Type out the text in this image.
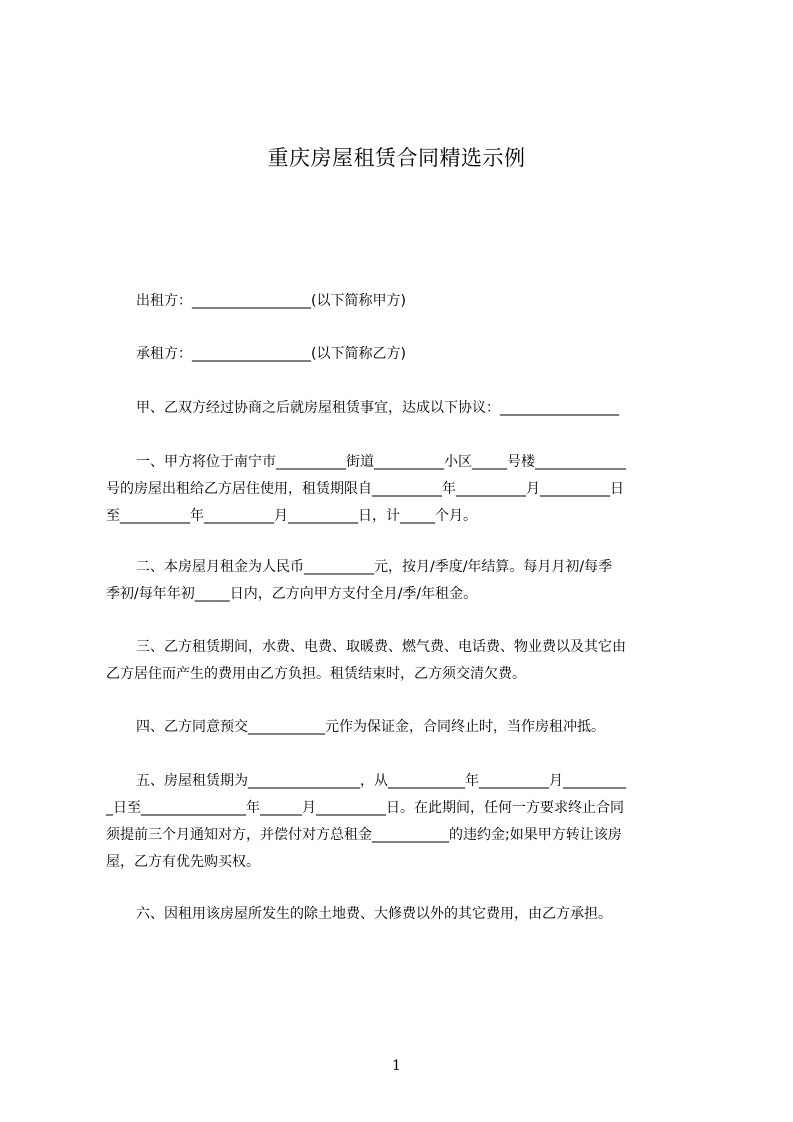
重庆房屋租赁合同精选示例
出租方：_________________(以下简称甲方)
承租方：_________________(以下简称乙方)
甲、乙双方经过协商之后就房屋租赁事宜，达成以下协议：_________________
一、甲方将位于南宁市__________街道__________小区_____号楼_____________
号的房屋出租给乙方居住使用，租赁期限自__________年__________月__________日
至__________年__________月__________日，计_____个月。
二、本房屋月租金为人民币__________元，按月/季度/年结算。每月月初/每季
季初/每年年初_____日内，乙方向甲方支付全月/季/年租金。
三、乙方租赁期间，水费、电费、取暖费、燃气费、电话费、物业费以及其它由
乙方居住而产生的费用由乙方负担。租赁结束时，乙方须交清欠费。
四、乙方同意预交___________元作为保证金，合同终止时，当作房租冲抵。
五、房屋租赁期为________________，从___________年__________月_________
_日至_______________年______月__________日。在此期间，任何一方要求终止合同
须提前三个月通知对方，并偿付对方总租金___________的违约金;如果甲方转让该房
屋，乙方有优先购买权。
六、因租用该房屋所发生的除土地费、大修费以外的其它费用，由乙方承担。
1
